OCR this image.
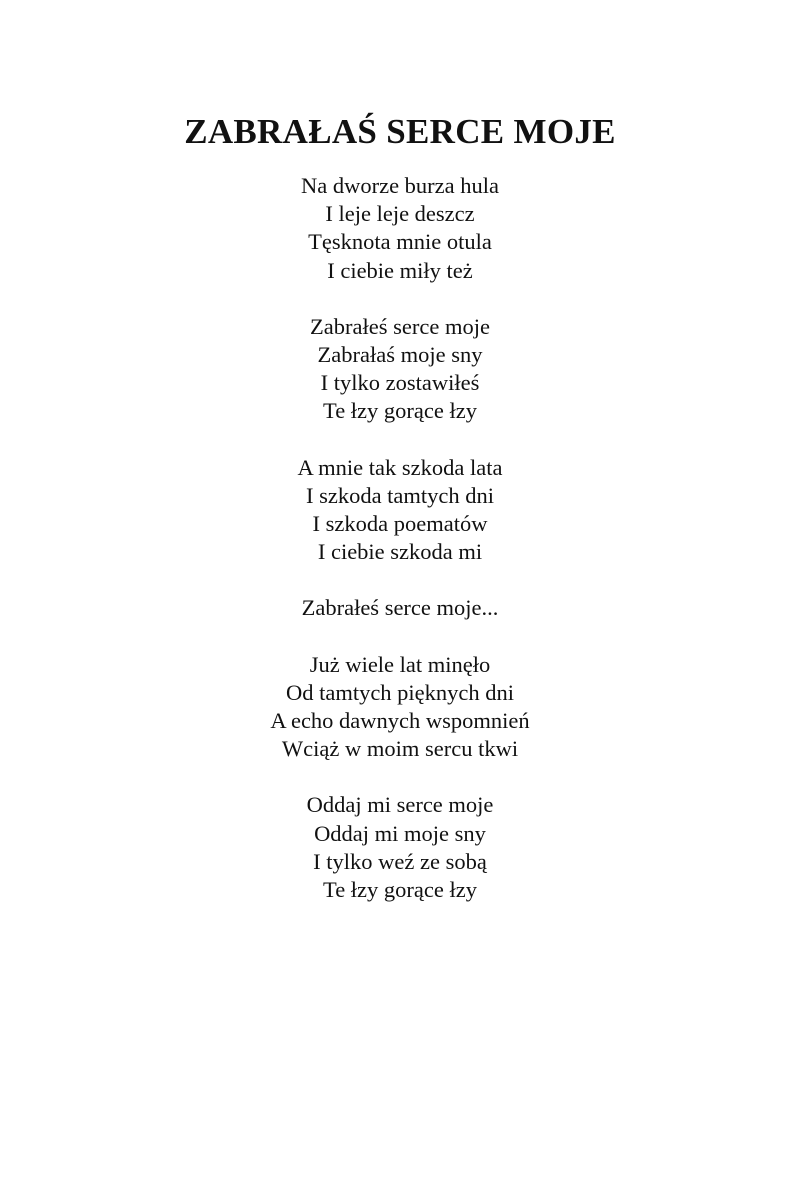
ZABRAŁAŚ SERCE MOJE
Na dworze burza hula
I leje leje deszcz
Tęsknota mnie otula
I ciebie miły też
Zabrałeś serce moje
Zabrałaś moje sny
I tylko zostawiłeś
Te łzy gorące łzy
A mnie tak szkoda lata
I szkoda tamtych dni
I szkoda poematów
I ciebie szkoda mi
Zabrałeś serce moje...
Już wiele lat minęło
Od tamtych pięknych dni
A echo dawnych wspomnień
Wciąż w moim sercu tkwi
Oddaj mi serce moje
Oddaj mi moje sny
I tylko weź ze sobą
Te łzy gorące łzy
